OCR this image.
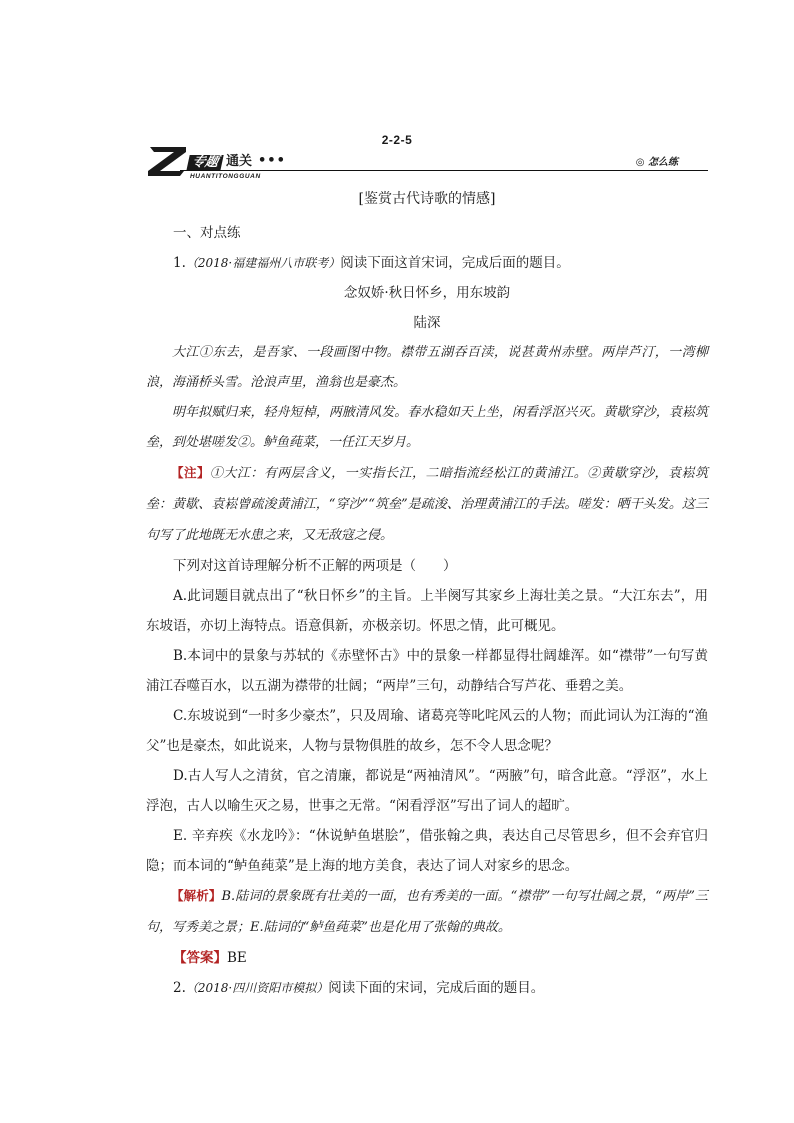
2-2-5
专题 通关 •••
HUANTITONGGUAN
◎ 怎么练
[鉴赏古代诗歌的情感]

一、对点练

1.（2018·福建福州八市联考）阅读下面这首宋词，完成后面的题目。

念奴娇·秋日怀乡，用东坡韵

陆深

大江①东去，是吾家、一段画图中物。襟带五湖吞百渎，说甚黄州赤壁。两岸芦汀，一湾柳浪，海涌桥头雪。沧浪声里，渔翁也是豪杰。

明年拟赋归来，轻舟短棹，两腋清风发。春水稳如天上坐，闲看浮沤兴灭。黄歇穿沙，袁崧筑垒，到处堪嗟发②。鲈鱼莼菜，一任江天岁月。

【注】①大江：有两层含义，一实指长江，二暗指流经松江的黄浦江。②黄歇穿沙，袁崧筑垒：黄歇、袁崧曾疏浚黄浦江，“穿沙”“筑垒”是疏浚、治理黄浦江的手法。嗟发：晒干头发。这三句写了此地既无水患之来，又无敌寇之侵。

下列对这首诗理解分析不正解的两项是（　　）

A.此词题目就点出了“秋日怀乡”的主旨。上半阕写其家乡上海壮美之景。“大江东去”，用东坡语，亦切上海特点。语意俱新，亦极亲切。怀思之情，此可概见。

B.本词中的景象与苏轼的《赤壁怀古》中的景象一样都显得壮阔雄浑。如“襟带”一句写黄浦江吞噬百水，以五湖为襟带的壮阔；“两岸”三句，动静结合写芦花、垂碧之美。

C.东坡说到“一时多少豪杰”，只及周瑜、诸葛亮等叱咤风云的人物；而此词认为江海的“渔父”也是豪杰，如此说来，人物与景物俱胜的故乡，怎不令人思念呢？

D.古人写人之清贫，官之清廉，都说是“两袖清风”。“两腋”句，暗含此意。“浮沤”，水上浮泡，古人以喻生灭之易，世事之无常。“闲看浮沤”写出了词人的超旷。

E. 辛弃疾《水龙吟》：“休说鲈鱼堪脍”，借张翰之典，表达自己尽管思乡，但不会弃官归隐；而本词的“鲈鱼莼菜”是上海的地方美食，表达了词人对家乡的思念。

【解析】B.陆词的景象既有壮美的一面，也有秀美的一面。“襟带”一句写壮阔之景，“两岸”三句，写秀美之景；E.陆词的“鲈鱼莼菜”也是化用了张翰的典故。

【答案】BE

2.（2018·四川资阳市模拟）阅读下面的宋词，完成后面的题目。
